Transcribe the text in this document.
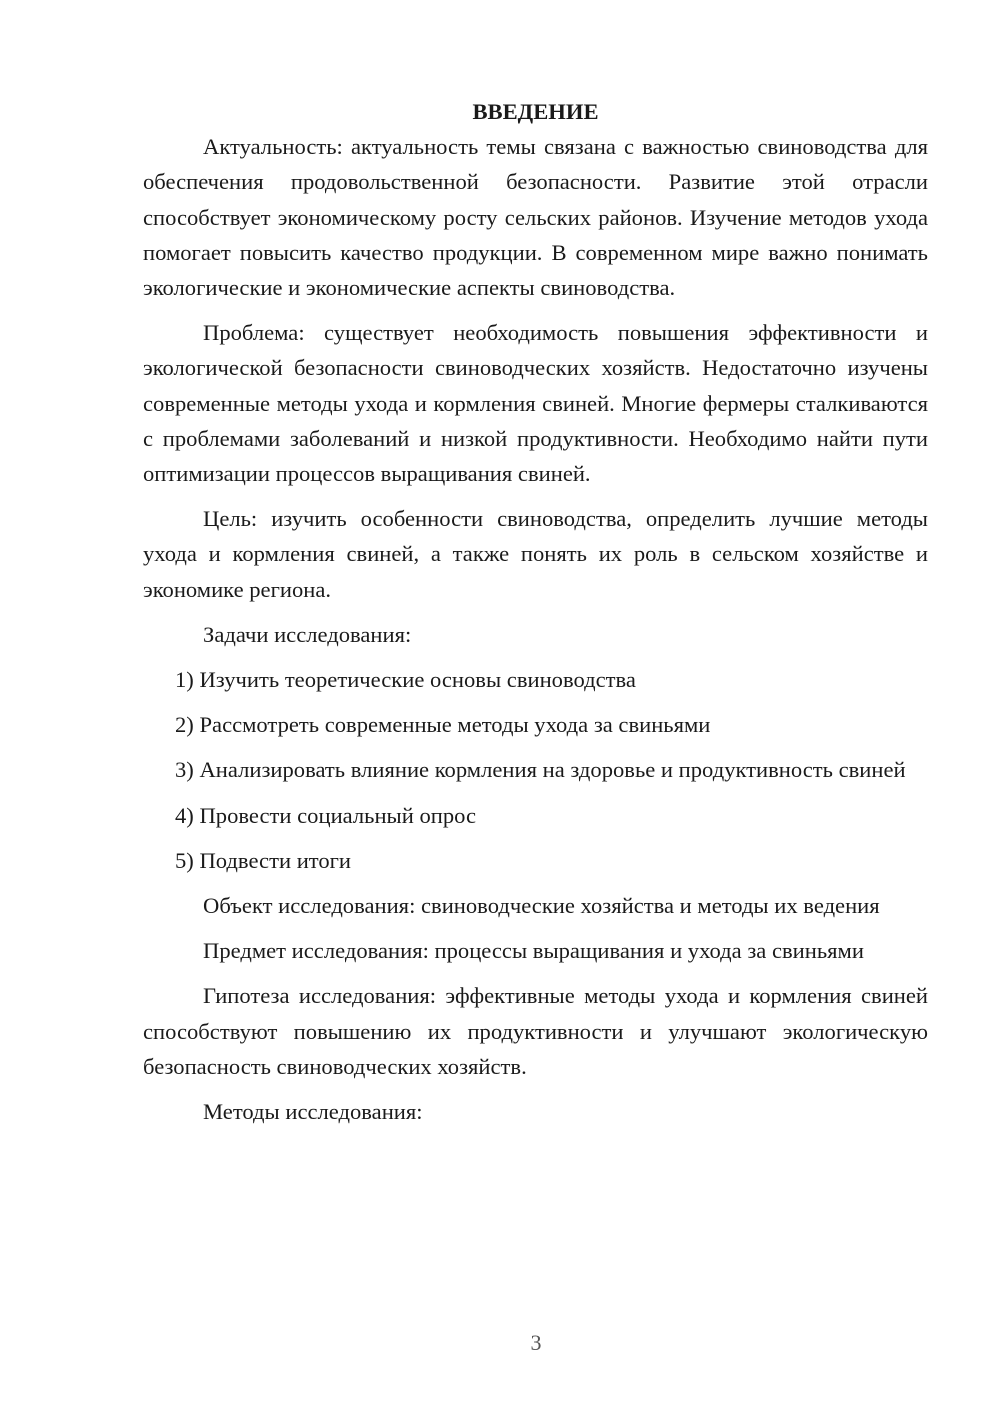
ВВЕДЕНИЕ

Актуальность: актуальность темы связана с важностью свиноводства для обеспечения продовольственной безопасности. Развитие этой отрасли способствует экономическому росту сельских районов. Изучение методов ухода помогает повысить качество продукции. В современном мире важно понимать экологические и экономические аспекты свиноводства.

Проблема: существует необходимость повышения эффективности и экологической безопасности свиноводческих хозяйств. Недостаточно изучены современные методы ухода и кормления свиней. Многие фермеры сталкиваются с проблемами заболеваний и низкой продуктивности. Необходимо найти пути оптимизации процессов выращивания свиней.

Цель: изучить особенности свиноводства, определить лучшие методы ухода и кормления свиней, а также понять их роль в сельском хозяйстве и экономике региона.

Задачи исследования:

1) Изучить теоретические основы свиноводства

2) Рассмотреть современные методы ухода за свиньями

3) Анализировать влияние кормления на здоровье и продуктивность свиней

4) Провести социальный опрос

5) Подвести итоги

Объект исследования: свиноводческие хозяйства и методы их ведения

Предмет исследования: процессы выращивания и ухода за свиньями

Гипотеза исследования: эффективные методы ухода и кормления свиней способствуют повышению их продуктивности и улучшают экологическую безопасность свиноводческих хозяйств.

Методы исследования:

3
